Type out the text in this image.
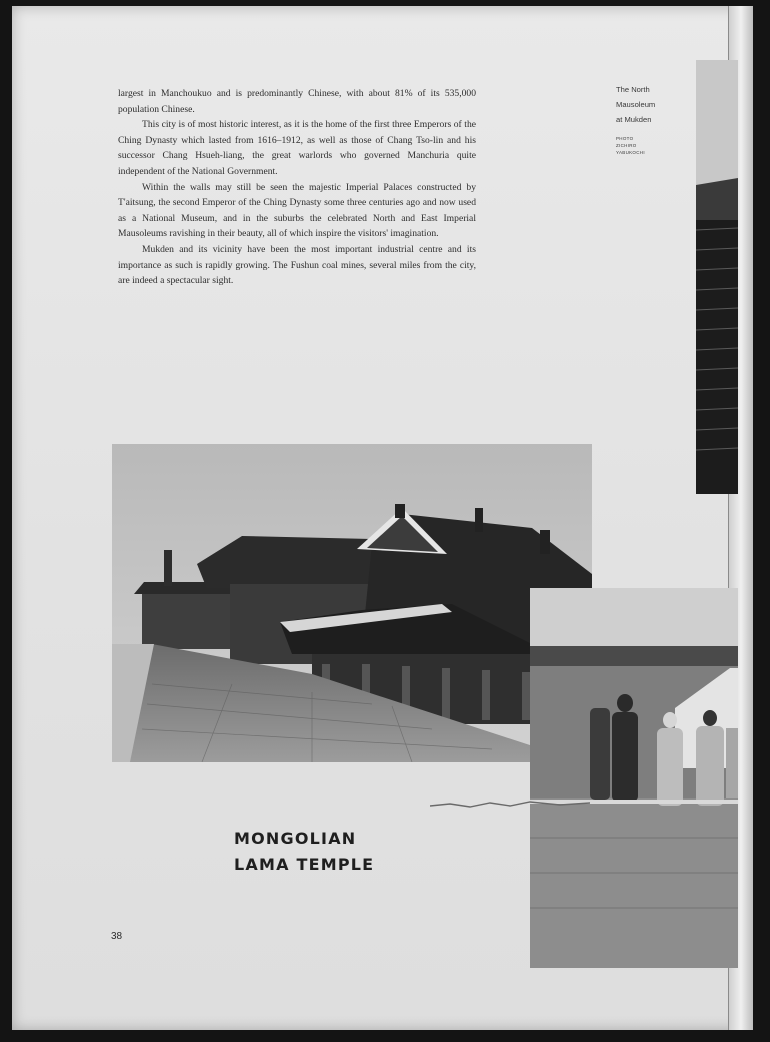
largest in Manchoukuo and is predominantly Chinese, with about 81% of its 535,000 population Chinese.

This city is of most historic interest, as it is the home of the first three Emperors of the Ching Dynasty which lasted from 1616–1912, as well as those of Chang Tso-lin and his successor Chang Hsueh-liang, the great warlords who governed Manchuria quite independent of the National Government.

Within the walls may still be seen the majestic Imperial Palaces constructed by T'aitsung, the second Emperor of the Ching Dynasty some three centuries ago and now used as a National Museum, and in the suburbs the celebrated North and East Imperial Mausoleums ravishing in their beauty, all of which inspire the visitors' imagination.

Mukden and its vicinity have been the most important industrial centre and its importance as such is rapidly growing. The Fushun coal mines, several miles from the city, are indeed a spectacular sight.

The North
Mausoleum
at Mukden
PHOTO
ZICHIRO
YABUKOCHI
MONGOLIAN
LAMA TEMPLE
38
